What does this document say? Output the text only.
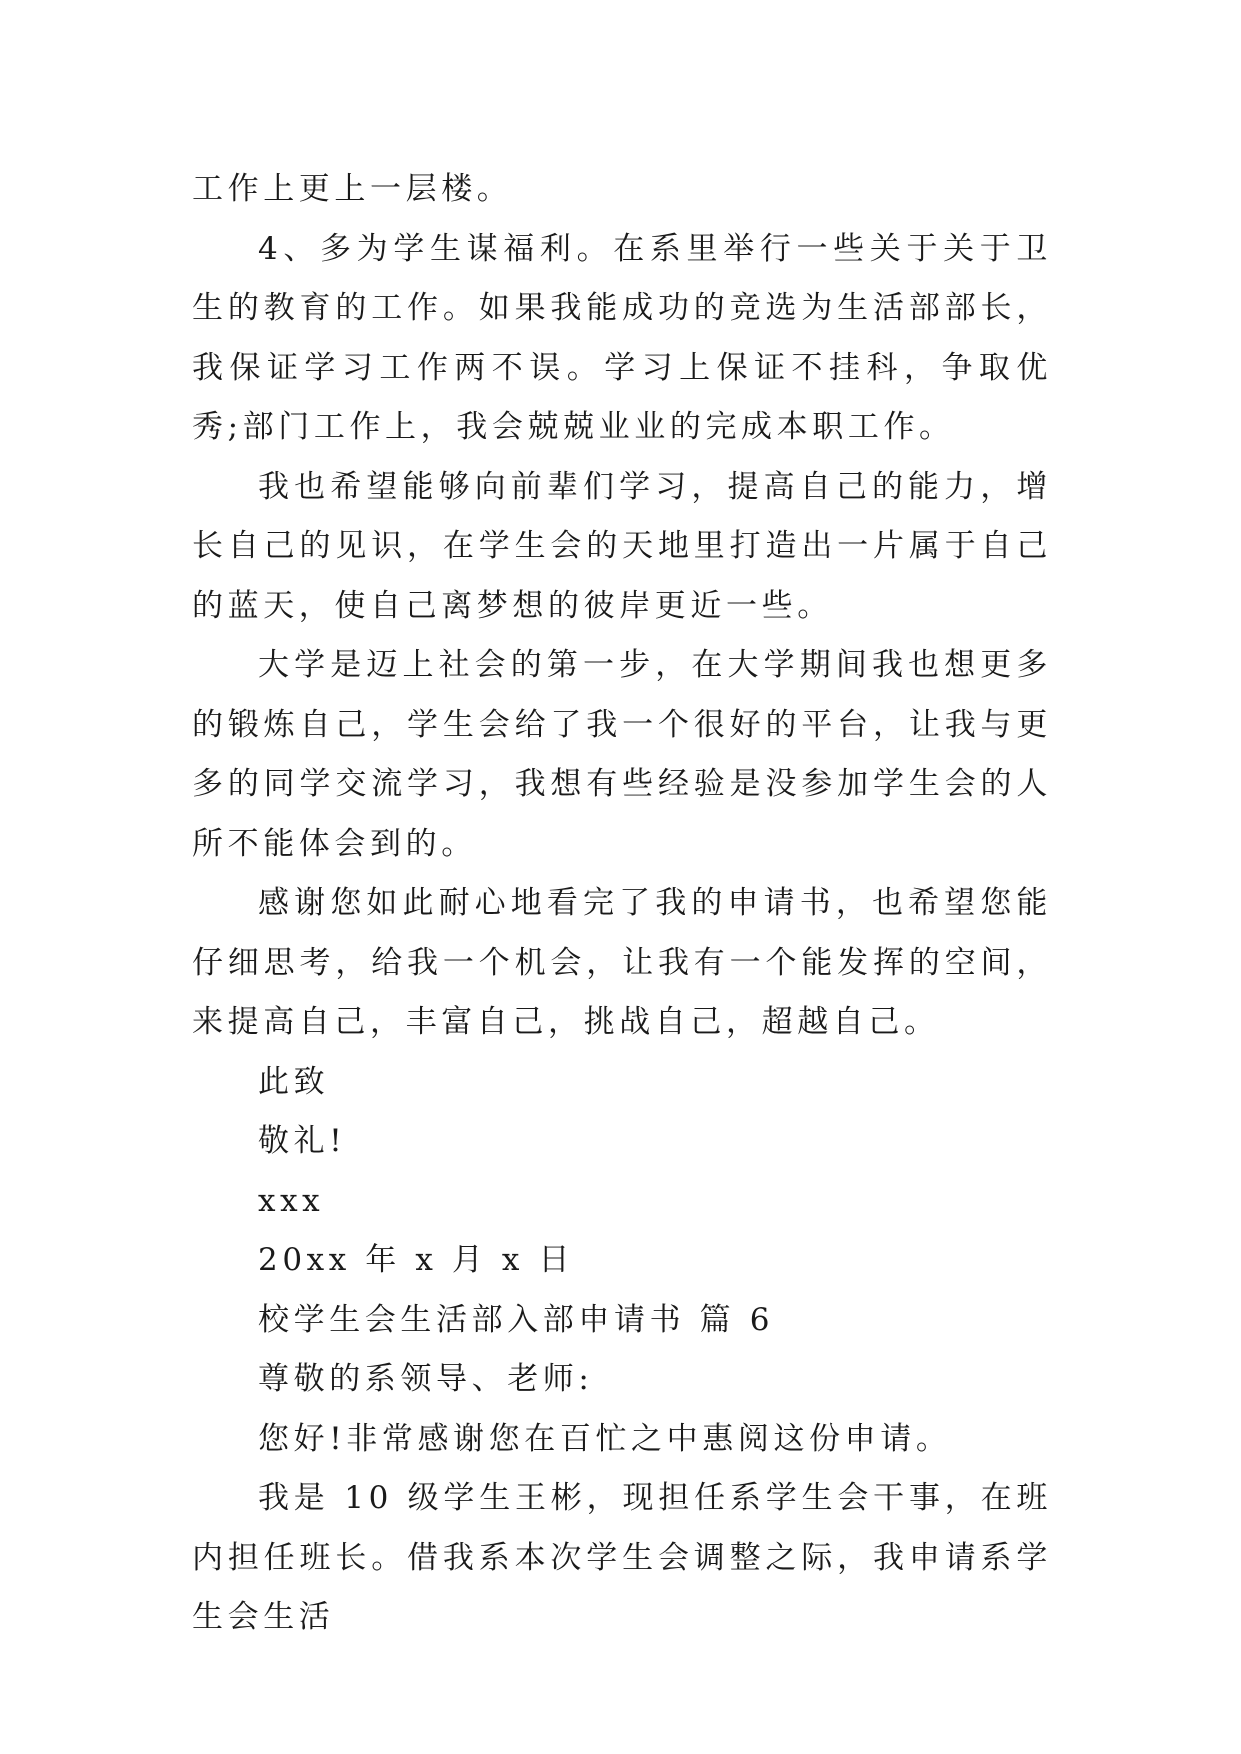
工作上更上一层楼。

4、多为学生谋福利。在系里举行一些关于关于卫生的教育的工作。如果我能成功的竞选为生活部部长，我保证学习工作两不误。学习上保证不挂科，争取优秀;部门工作上，我会兢兢业业的完成本职工作。

我也希望能够向前辈们学习，提高自己的能力，增长自己的见识，在学生会的天地里打造出一片属于自己的蓝天，使自己离梦想的彼岸更近一些。

大学是迈上社会的第一步，在大学期间我也想更多的锻炼自己，学生会给了我一个很好的平台，让我与更多的同学交流学习，我想有些经验是没参加学生会的人所不能体会到的。

感谢您如此耐心地看完了我的申请书，也希望您能仔细思考，给我一个机会，让我有一个能发挥的空间，来提高自己，丰富自己，挑战自己，超越自己。

此致

敬礼!

xxx

20xx 年 x 月 x 日

校学生会生活部入部申请书 篇 6

尊敬的系领导、老师:

您好!非常感谢您在百忙之中惠阅这份申请。

我是 10 级学生王彬，现担任系学生会干事，在班内担任班长。借我系本次学生会调整之际，我申请系学生会生活
